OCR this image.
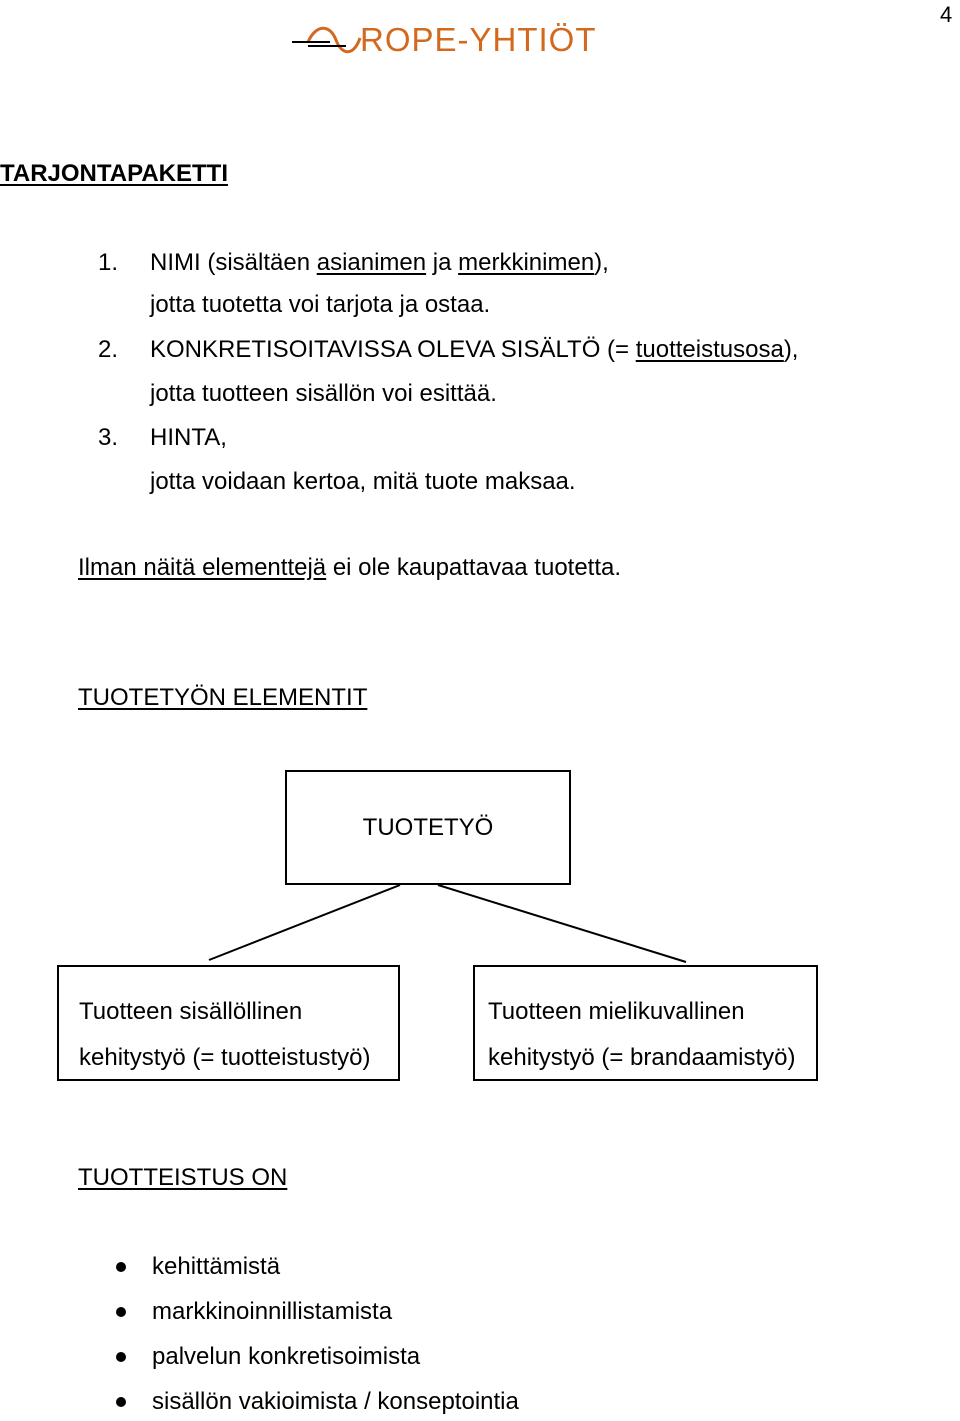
4
ROPE-YHTIÖT
TARJONTAPAKETTI
1. NIMI (sisältäen asianimen ja merkkinimen),
jotta tuotetta voi tarjota ja ostaa.
2. KONKRETISOITAVISSA OLEVA SISÄLTÖ (= tuotteistusosa),
jotta tuotteen sisällön voi esittää.
3. HINTA,
jotta voidaan kertoa, mitä tuote maksaa.
Ilman näitä elementtejä ei ole kaupattavaa tuotetta.
TUOTETYÖN ELEMENTIT
TUOTETYÖ
Tuotteen sisällöllinen
kehitystyö (= tuotteistustyö)
Tuotteen mielikuvallinen
kehitystyö (= brandaamistyö)
TUOTTEISTUS ON
kehittämistä
markkinoinnillistamista
palvelun konkretisoimista
sisällön vakioimista / konseptointia
